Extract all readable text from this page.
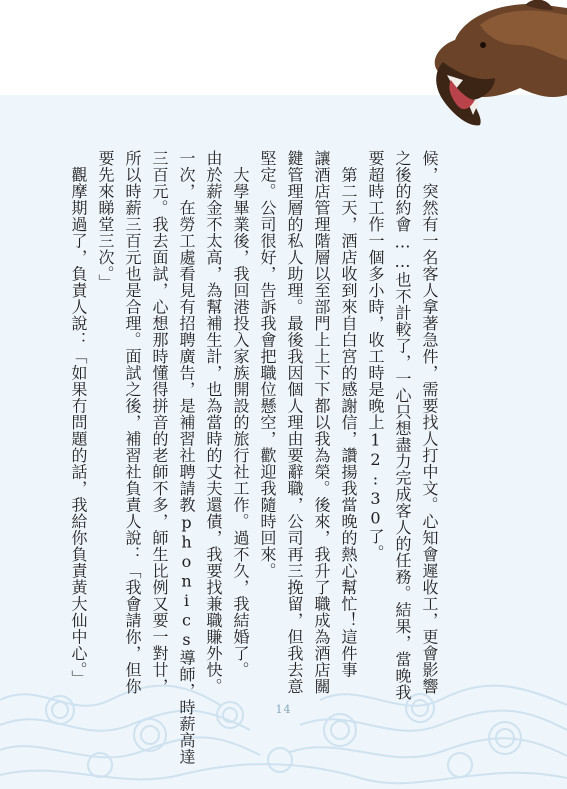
候，突然有一名客人拿著急件，需要找人打中文。心知會遲收工，更會影響
之後的約會……也不計較了，一心只想盡力完成客人的任務。結果，當晚我
要超時工作一個多小時，收工時是晚上12:30了。
　第二天，酒店收到來自白宮的感謝信，讚揚我當晚的熱心幫忙！這件事
讓酒店管理階層以至部門上上下下都以我為榮。後來，我升了職成為酒店關
鍵管理層的私人助理。最後我因個人理由要辭職，公司再三挽留，但我去意
堅定。公司很好，告訴我會把職位懸空，歡迎我隨時回來。
　大學畢業後，我回港投入家族開設的旅行社工作。過不久，我結婚了。
由於薪金不太高，為幫補生計，也為當時的丈夫還債，我要找兼職賺外快。
一次，在勞工處看見有招聘廣告，是補習社聘請教phonics導師，時薪高達
三百元。我去面試，心想那時懂得拼音的老師不多，師生比例又要一對廿，
所以時薪三百元也是合理。面試之後，補習社負責人說：「我會請你，但你
要先來睇堂三次。」
　觀摩期過了，負責人說：「如果冇問題的話，我給你負責黃大仙中心。」
14
